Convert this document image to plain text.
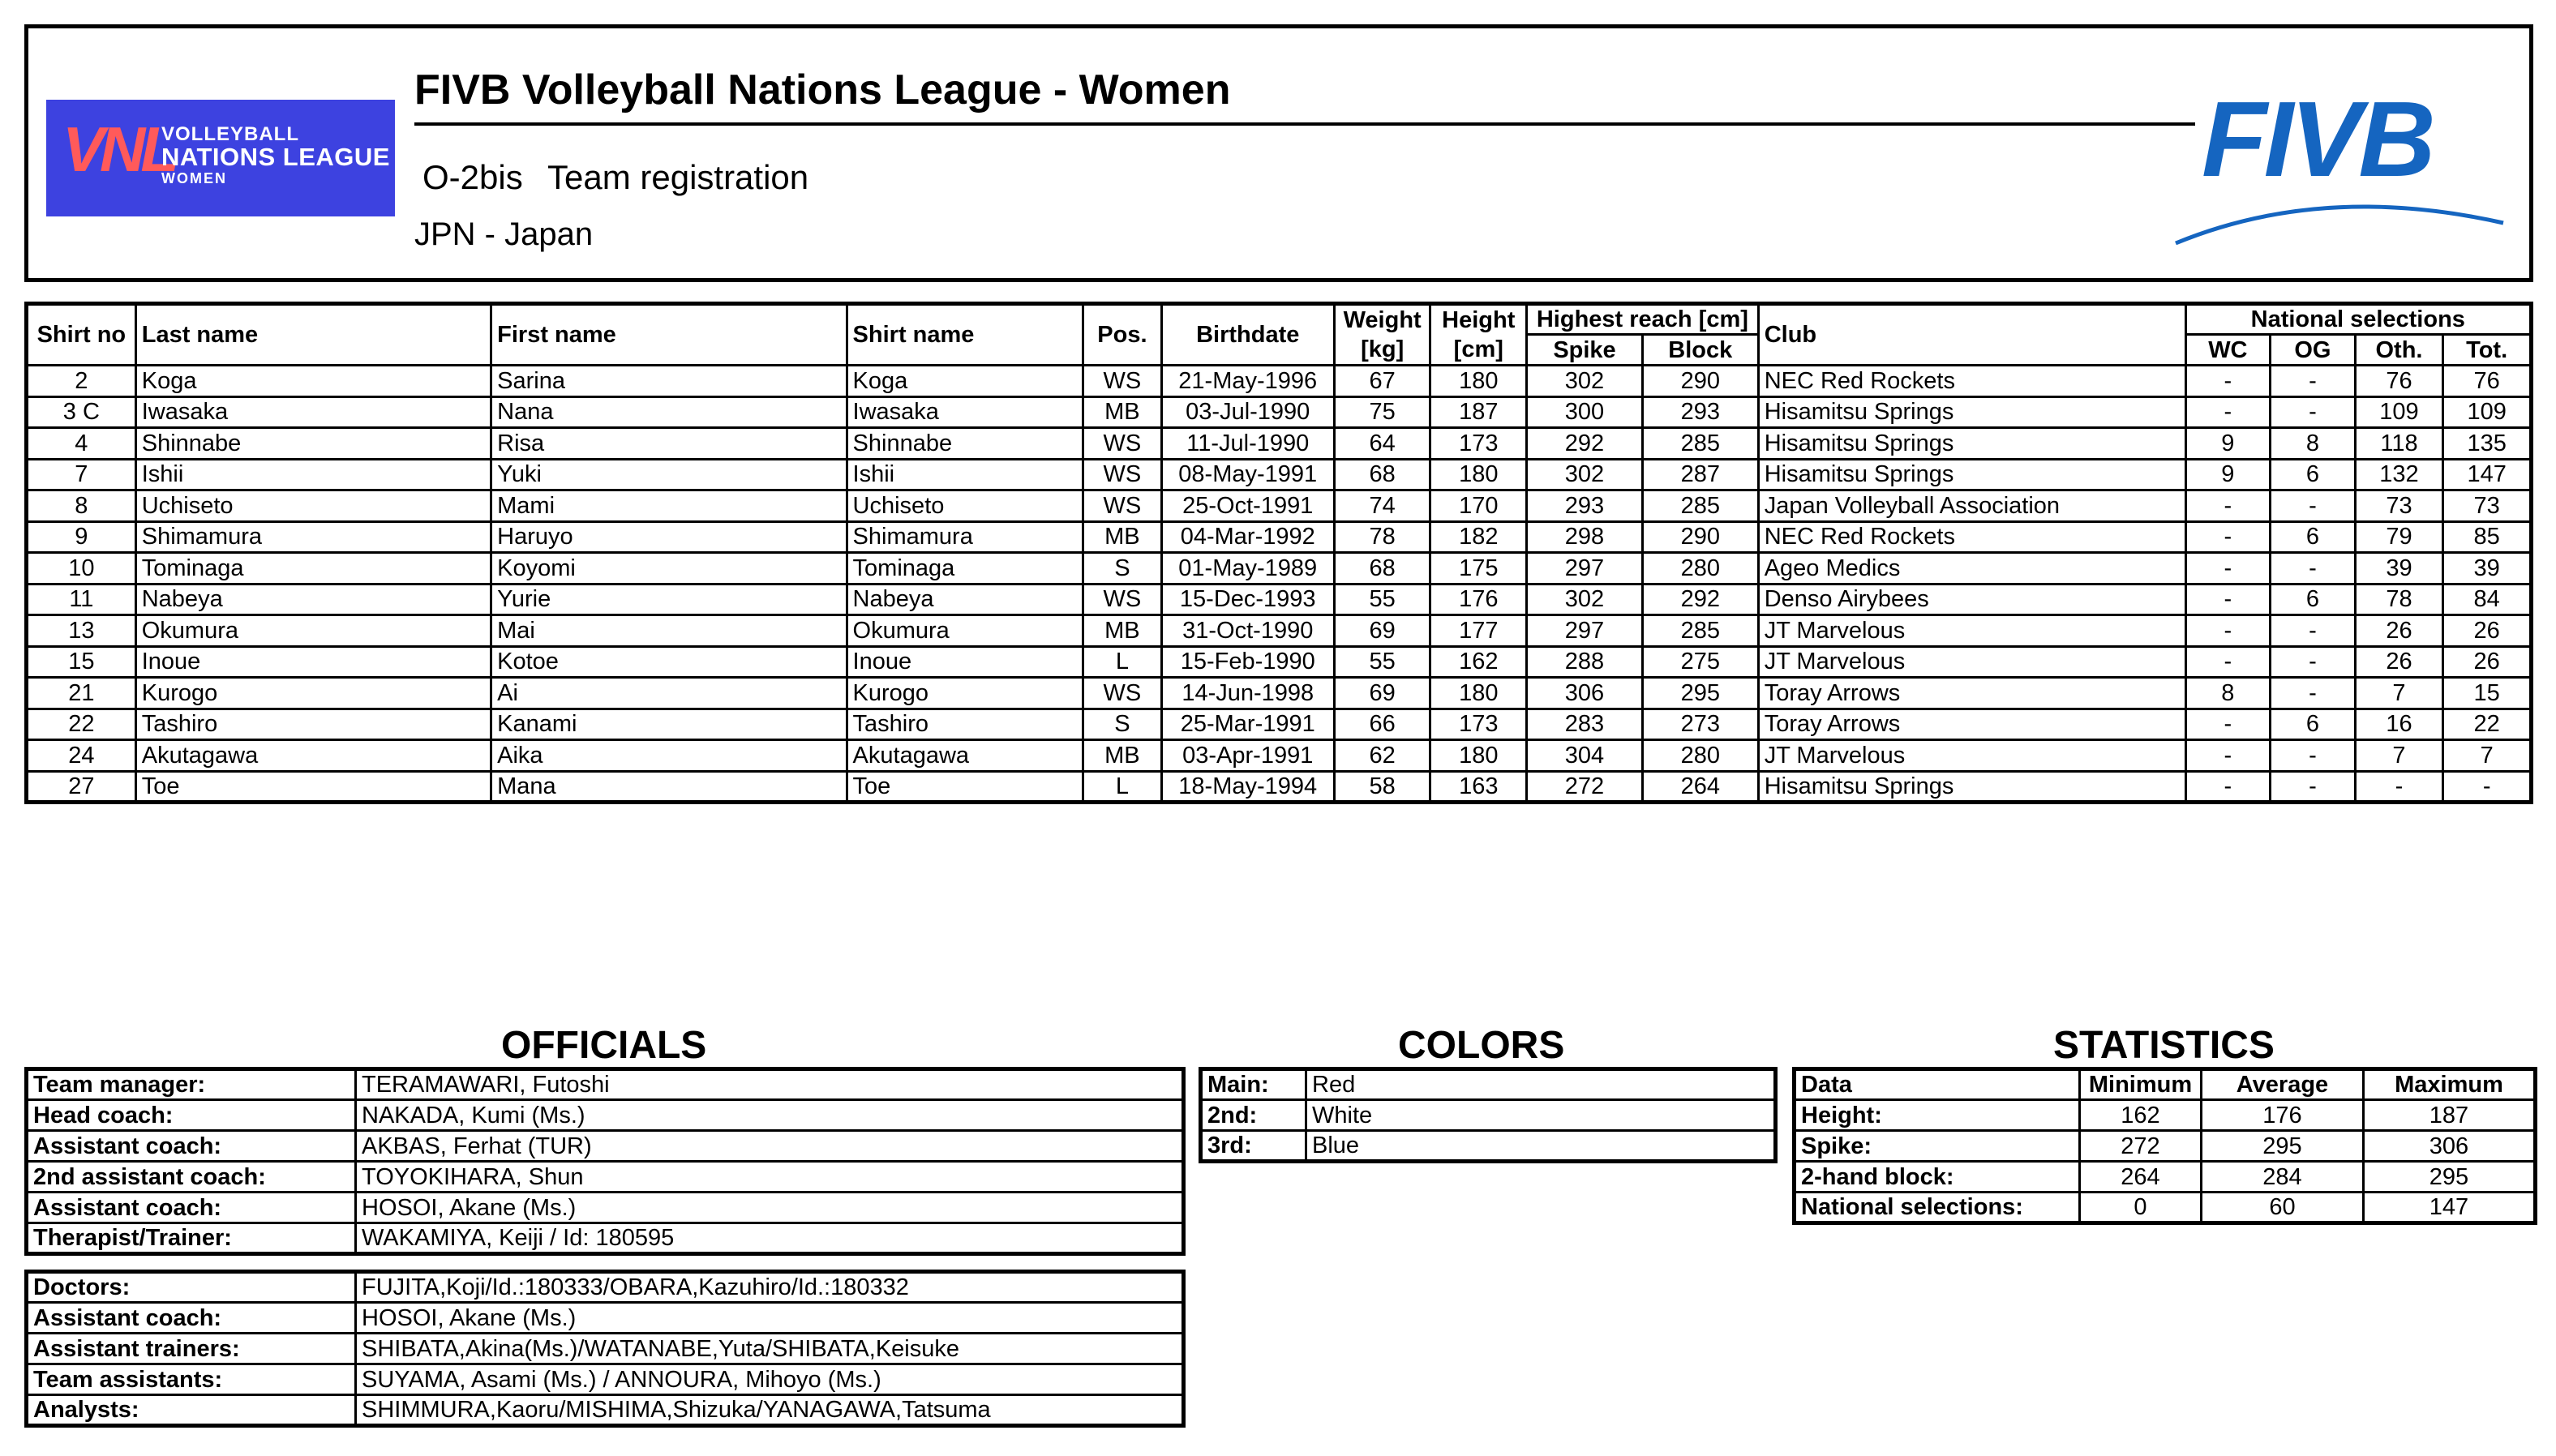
VNL
VOLLEYBALL
NATIONS LEAGUE
WOMEN
FIVB Volleyball Nations League - Women
O-2bis Team registration
JPN - Japan
FIVB
Shirt no	Last name	First name	Shirt name	Pos.	Birthdate	Weight	Height	Highest reach [cm]		Club	National selections			
						[kg]	[cm]	Spike	Block		WC	OG	Oth.	Tot.
2	Koga	Sarina	Koga	WS	21-May-1996	67	180	302	290	NEC Red Rockets	-	-	76	76
3 C	Iwasaka	Nana	Iwasaka	MB	03-Jul-1990	75	187	300	293	Hisamitsu Springs	-	-	109	109
4	Shinnabe	Risa	Shinnabe	WS	11-Jul-1990	64	173	292	285	Hisamitsu Springs	9	8	118	135
7	Ishii	Yuki	Ishii	WS	08-May-1991	68	180	302	287	Hisamitsu Springs	9	6	132	147
8	Uchiseto	Mami	Uchiseto	WS	25-Oct-1991	74	170	293	285	Japan Volleyball Association	-	-	73	73
9	Shimamura	Haruyo	Shimamura	MB	04-Mar-1992	78	182	298	290	NEC Red Rockets	-	6	79	85
10	Tominaga	Koyomi	Tominaga	S	01-May-1989	68	175	297	280	Ageo Medics	-	-	39	39
11	Nabeya	Yurie	Nabeya	WS	15-Dec-1993	55	176	302	292	Denso Airybees	-	6	78	84
13	Okumura	Mai	Okumura	MB	31-Oct-1990	69	177	297	285	JT Marvelous	-	-	26	26
15	Inoue	Kotoe	Inoue	L	15-Feb-1990	55	162	288	275	JT Marvelous	-	-	26	26
21	Kurogo	Ai	Kurogo	WS	14-Jun-1998	69	180	306	295	Toray Arrows	8	-	7	15
22	Tashiro	Kanami	Tashiro	S	25-Mar-1991	66	173	283	273	Toray Arrows	-	6	16	22
24	Akutagawa	Aika	Akutagawa	MB	03-Apr-1991	62	180	304	280	JT Marvelous	-	-	7	7
27	Toe	Mana	Toe	L	18-May-1994	58	163	272	264	Hisamitsu Springs	-	-	-	-
OFFICIALS	COLORS	STATISTICS
Team manager:	TERAMAWARI, Futoshi
Head coach:	NAKADA, Kumi (Ms.)
Assistant coach:	AKBAS, Ferhat (TUR)
2nd assistant coach:	TOYOKIHARA, Shun
Assistant coach:	HOSOI, Akane (Ms.)
Therapist/Trainer:	WAKAMIYA, Keiji / Id: 180595
Doctors:	FUJITA,Koji/Id.:180333/OBARA,Kazuhiro/Id.:180332
Assistant coach:	HOSOI, Akane (Ms.)
Assistant trainers:	SHIBATA,Akina(Ms.)/WATANABE,Yuta/SHIBATA,Keisuke
Team assistants:	SUYAMA, Asami (Ms.) / ANNOURA, Mihoyo (Ms.)
Analysts:	SHIMMURA,Kaoru/MISHIMA,Shizuka/YANAGAWA,Tatsuma
Main:	Red
2nd:	White
3rd:	Blue
Data	Minimum	Average	Maximum
Height:	162	176	187
Spike:	272	295	306
2-hand block:	264	284	295
National selections:	0	60	147
